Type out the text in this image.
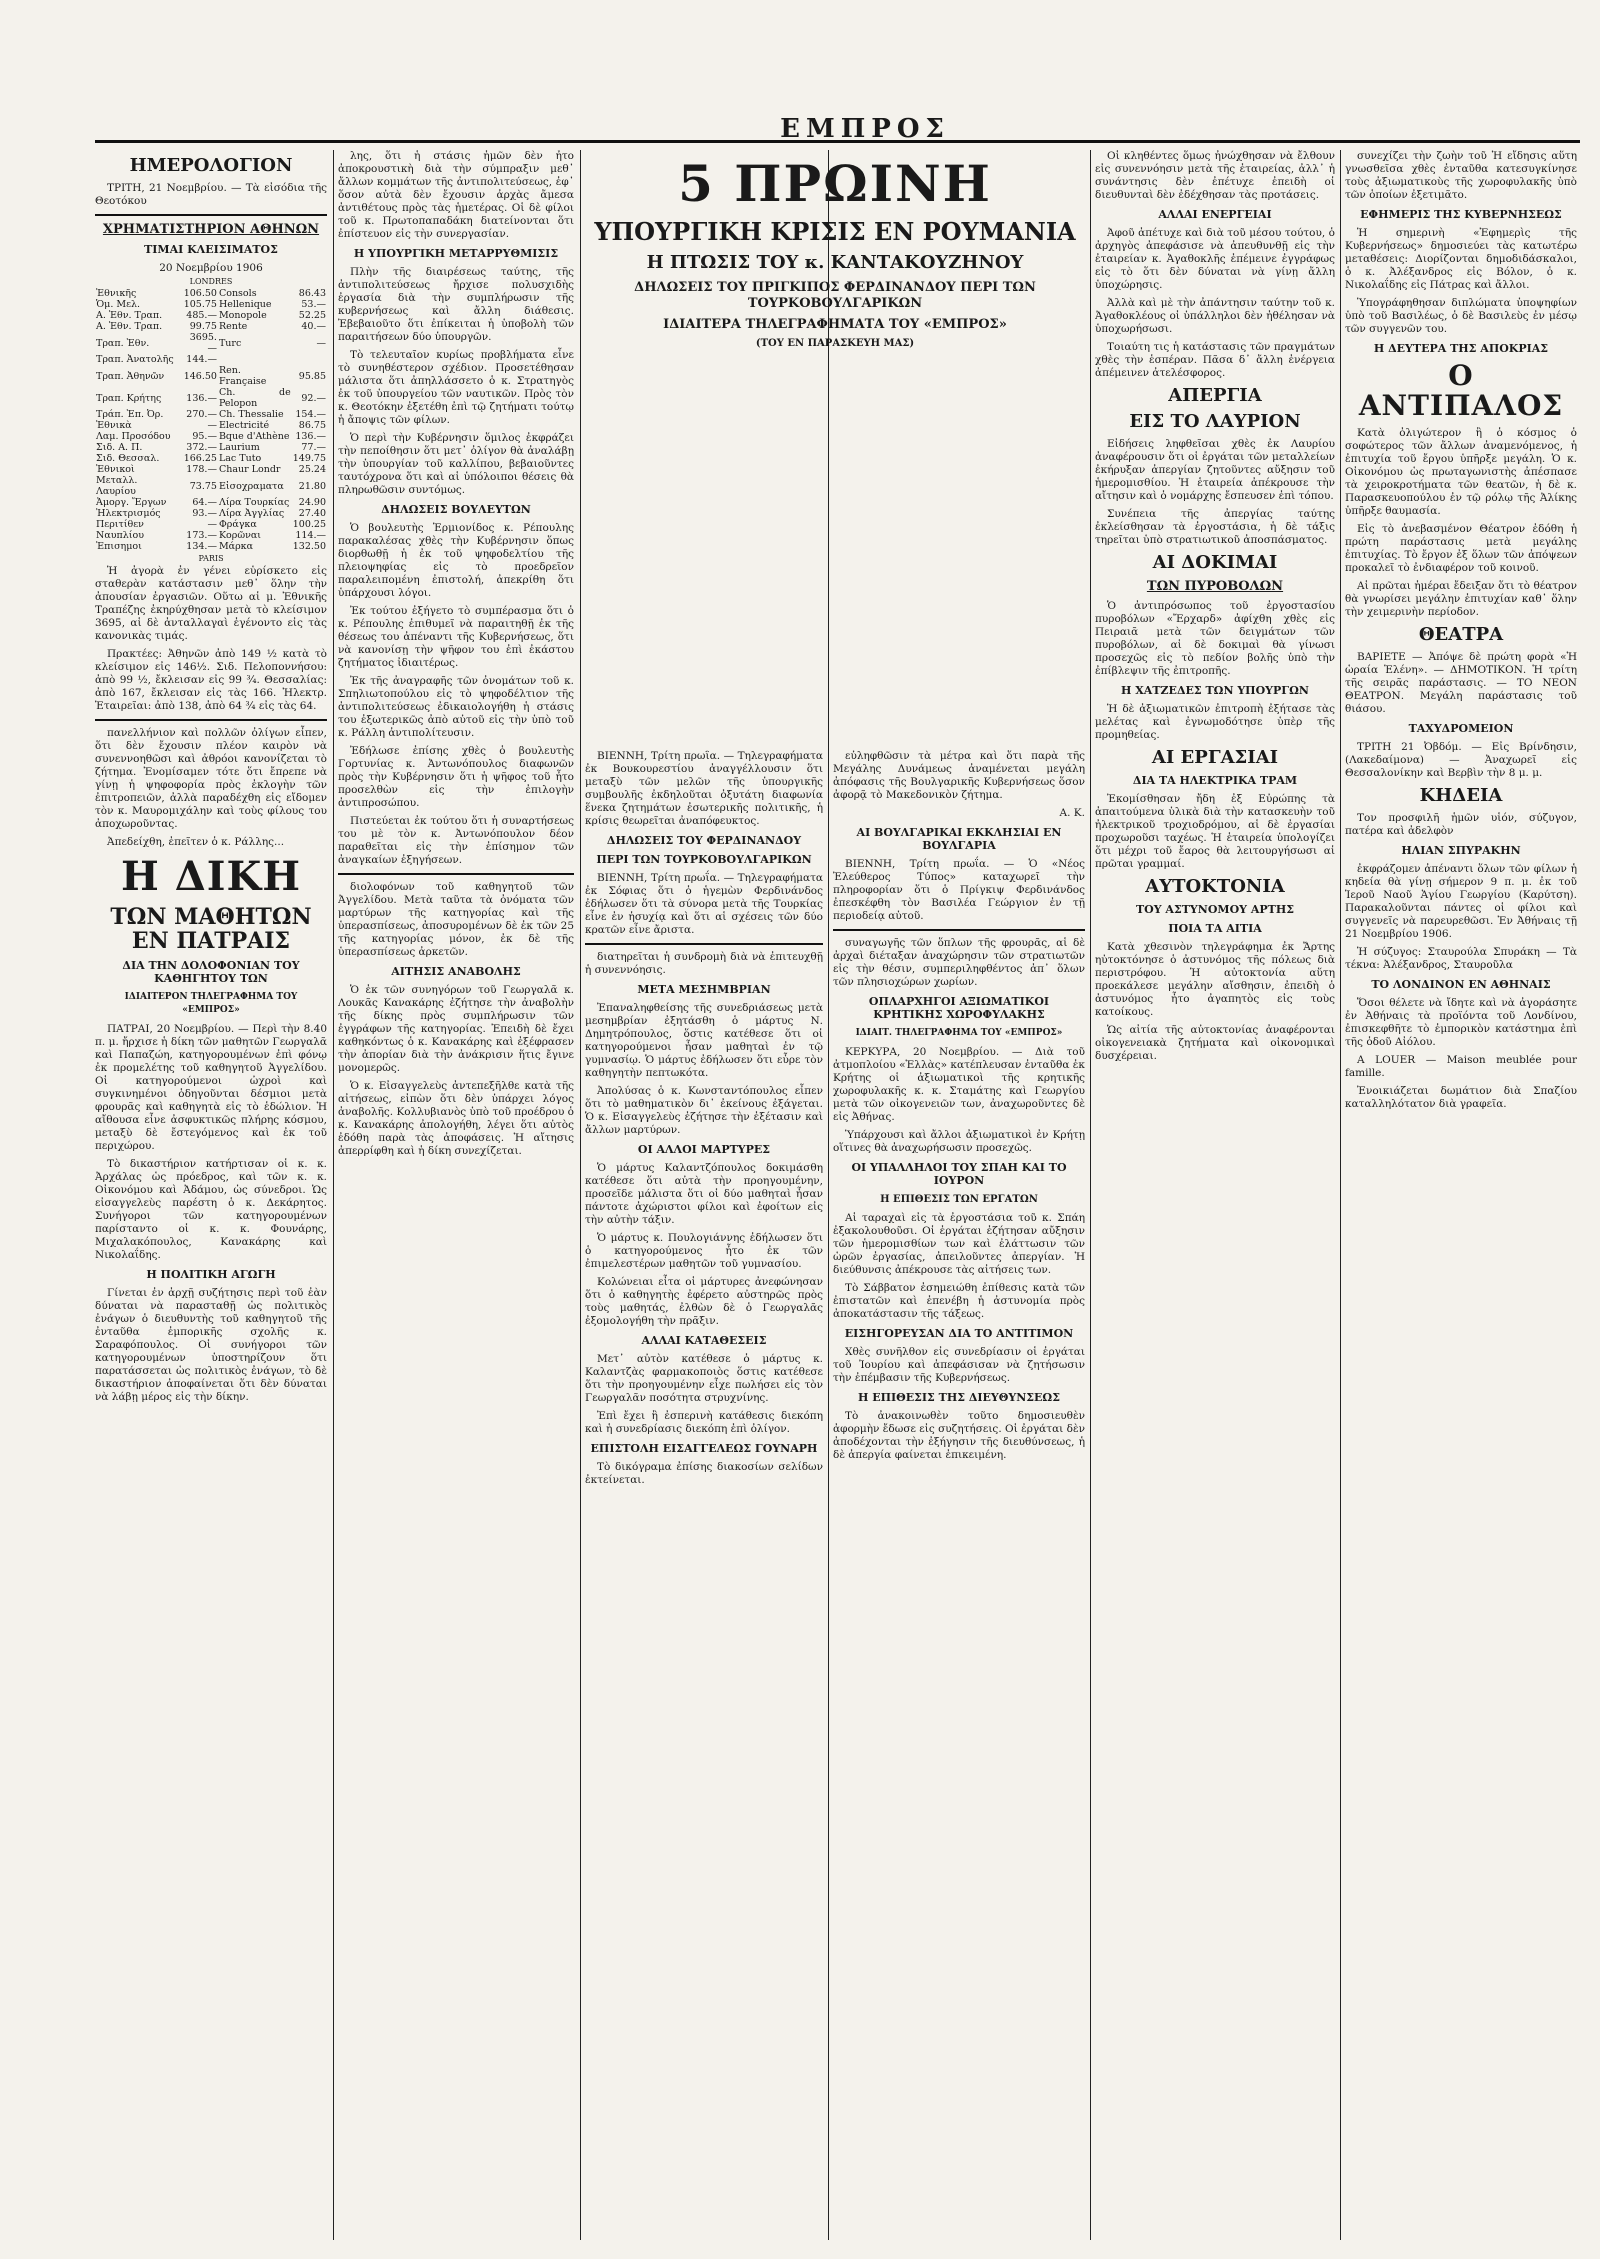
ΕΜΠΡΟΣ
ΗΜΕΡΟΛΟΓΙΟΝ

ΤΡΙΤΗ, 21 Νοεμβρίου. — Τὰ εἰσόδια τῆς Θεοτόκου

ΧΡΗΜΑΤΙΣΤΗΡΙΟΝ ΑΘΗΝΩΝ
ΤΙΜΑΙ ΚΛΕΙΣΙΜΑΤΟΣ
20 Νοεμβρίου 1906
LONDRES
Ἐθνικῆς	106.50	Consols	86.43
Ὁμ. Μελ.	105.75	Hellenique	53.—
Α. Ἐθν. Τραπ.	485.—	Monopole	52.25
Α. Ἐθν. Τραπ.	99.75	Rente	40.—
Τραπ. Ἐθν.	3695.—	Turc	—
Τραπ. Ἀνατολῆς	144.—		
Τραπ. Ἀθηνῶν	146.50	Ren. Française	95.85
Τραπ. Κρήτης	136.—	Ch. de Pelopon	92.—
Τράπ. Ἐπ. Ὀρ.	270.—	Ch. Thessalie	154.—
Ἐθνικὰ	—	Electricité	86.75
Λαμ. Προσόδου	95.—	Bque d'Athène	136.—
Σιδ. Α. Π.	372.—	Laurium	77.—
Σιδ. Θεσσαλ.	166.25	Lac Tuto	149.75
Ἐθνικοὶ	178.—	Chaur Londr	25.24
Μεταλλ. Λαυρίου	73.75	Εἰσοχραματα	21.80
Ἀμοργ. Ἔργων	64.—	Λίρα Τουρκίας	24.90
Ἠλεκτρισμός	93.—	Λίρα Ἀγγλίας	27.40
Περιτίθεν	—	Φράγκα	100.25
Ναυπλίου	173.—	Κορῶναι	114.—
Ἐπισημοι	134.—	Μάρκα	132.50
PARIS

Ἡ ἀγορὰ ἐν γένει εὑρίσκετο εἰς σταθερὰν κατάστασιν μεθ᾿ ὅλην τὴν ἀπουσίαν ἐργασιῶν. Οὕτω αἱ μ. Ἐθνικῆς Τραπέζης ἐκηρύχθησαν μετὰ τὸ κλείσιμον 3695, αἱ δὲ ἀνταλλαγαὶ ἐγένοντο εἰς τὰς κανονικὰς τιμάς.

Πρακτέες: Ἀθηνῶν ἀπὸ 149 ½ κατὰ τὸ κλείσιμον εἰς 146½. Σιδ. Πελοποννήσου: ἀπὸ 99 ½, ἔκλεισαν εἰς 99 ¾. Θεσσαλίας: ἀπὸ 167, ἔκλεισαν εἰς τὰς 166. Ἠλεκτρ. Ἑταιρεῖαι: ἀπὸ 138, ἀπὸ 64 ¾ εἰς τὰς 64.

πανελλήνιον καὶ πολλῶν ὀλίγων εἶπεν, ὅτι δὲν ἔχουσιν πλέον καιρὸν νὰ συνεννοηθῶσι καὶ ἀθρόοι κανονίζεται τὸ ζήτημα. Ἐνομίσαμεν τότε ὅτι ἔπρεπε νὰ γίνῃ ἡ ψηφοφορία πρὸς ἐκλογὴν τῶν ἐπιτροπειῶν, ἀλλὰ παραδέχθη εἰς εἴδομεν τὸν κ. Μαυρομιχάλην καὶ τοὺς φίλους του ἀποχωροῦντας.

Ἀπεδείχθη, ἐπεῖτεν ὁ κ. Ράλλης...

Η ΔΙΚΗ
ΤΩΝ ΜΑΘΗΤΩΝ ΕΝ ΠΑΤΡΑΙΣ
ΔΙΑ ΤΗΝ ΔΟΛΟΦΟΝΙΑΝ ΤΟΥ ΚΑΘΗΓΗΤΟΥ ΤΩΝ
ΙΔΙΑΙΤΕΡΟΝ ΤΗΛΕΓΡΑΦΗΜΑ ΤΟΥ «ΕΜΠΡΟΣ»

ΠΑΤΡΑΙ, 20 Νοεμβρίου. — Περὶ τὴν 8.40 π. μ. ἤρχισε ἡ δίκη τῶν μαθητῶν Γεωργαλᾶ καὶ Παπαζώη, κατηγορουμένων ἐπὶ φόνῳ ἐκ προμελέτης τοῦ καθηγητοῦ Ἀγγελίδου. Οἱ κατηγορούμενοι ὠχροὶ καὶ συγκινημένοι ὁδηγοῦνται δέσμιοι μετὰ φρουρᾶς καὶ καθηγητὰ εἰς τὸ ἑδώλιον. Ἡ αἴθουσα εἶνε ἀσφυκτικῶς πλήρης κόσμου, μεταξὺ δὲ ἔστεγόμενος καὶ ἐκ τοῦ περιχώρου.

Τὸ δικαστήριον κατήρτισαν οἱ κ. κ. Ἀρχάλας ὡς πρόεδρος, καὶ τῶν κ. κ. Οἰκονόμου καὶ Ἀδάμου, ὡς σύνεδροι. Ὡς εἰσαγγελεὺς παρέστη ὁ κ. Δεκάρητος. Συνήγοροι τῶν κατηγορουμένων παρίσταντο οἱ κ. κ. Φουνάρης, Μιχαλακόπουλος, Κανακάρης καὶ Νικολαΐδης.

Η ΠΟΛΙΤΙΚΗ ΑΓΩΓΗ

Γίνεται ἐν ἀρχῇ συζήτησις περὶ τοῦ ἐὰν δύναται νὰ παρασταθῇ ὡς πολιτικὸς ἐνάγων ὁ διευθυντὴς τοῦ καθηγητοῦ τῆς ἐνταῦθα ἐμπορικῆς σχολῆς κ. Σαραφόπουλος. Οἱ συνήγοροι τῶν κατηγορουμένων ὑποστηρίζουν ὅτι παρατάσσεται ὡς πολιτικὸς ἐνάγων, τὸ δὲ δικαστήριον ἀποφαίνεται ὅτι δὲν δύναται νὰ λάβῃ μέρος εἰς τὴν δίκην.

λης, ὅτι ἡ στάσις ἡμῶν δὲν ἦτο ἀποκρουστικὴ διὰ τὴν σύμπραξιν μεθ᾿ ἄλλων κομμάτων τῆς ἀντιπολιτεύσεως, ἐφ᾿ ὅσον αὐτὰ δὲν ἔχουσιν ἀρχὰς ἄμεσα ἀντιθέτους πρὸς τὰς ἡμετέρας. Οἱ δὲ φίλοι τοῦ κ. Πρωτοπαπαδάκη διατείνονται ὅτι ἐπίστευον εἰς τὴν συνεργασίαν.

Η ΥΠΟΥΡΓΙΚΗ ΜΕΤΑΡΡΥΘΜΙΣΙΣ

Πλὴν τῆς διαιρέσεως ταύτης, τῆς ἀντιπολιτεύσεως ἤρχισε πολυσχιδὴς ἐργασία διὰ τὴν συμπλήρωσιν τῆς κυβερνήσεως καὶ ἄλλη διάθεσις. Ἐβεβαιοῦτο ὅτι ἐπίκειται ἡ ὑποβολὴ τῶν παραιτήσεων δύο ὑπουργῶν.

Τὸ τελευταῖον κυρίως προβλήματα εἶνε τὸ συνηθέστερον σχέδιον. Προσετέθησαν μάλιστα ὅτι ἀπηλλάσσετο ὁ κ. Στρατηγὸς ἐκ τοῦ ὑπουργείου τῶν ναυτικῶν. Πρὸς τὸν κ. Θεοτόκην ἐξετέθη ἐπὶ τῷ ζητήματι τούτῳ ἡ ἄποψις τῶν φίλων.

Ὁ περὶ τὴν Κυβέρνησιν ὅμιλος ἐκφράζει τὴν πεποίθησιν ὅτι μετ᾿ ὀλίγον θὰ ἀναλάβῃ τὴν ὑπουργίαν τοῦ καλλίπου, βεβαιοῦντες ταυτόχρονα ὅτι καὶ αἱ ὑπόλοιποι θέσεις θὰ πληρωθῶσιν συντόμως.

ΔΗΛΩΣΕΙΣ ΒΟΥΛΕΥΤΩΝ

Ὁ βουλευτὴς Ἑρμιονίδος κ. Ρέπουλης παρακαλέσας χθὲς τὴν Κυβέρνησιν ὅπως διορθωθῇ ἡ ἐκ τοῦ ψηφοδελτίου τῆς πλειοψηφίας εἰς τὸ προεδρεῖον παραλειπομένη ἐπιστολή, ἀπεκρίθη ὅτι ὑπάρχουσι λόγοι.

Ἐκ τούτου ἐξήγετο τὸ συμπέρασμα ὅτι ὁ κ. Ρέπουλης ἐπιθυμεῖ νὰ παραιτηθῇ ἐκ τῆς θέσεως του ἀπέναντι τῆς Κυβερνήσεως, ὅτι νὰ κανονίσῃ τὴν ψῆφον του ἐπὶ ἐκάστου ζητήματος ἰδιαιτέρως.

Ἐκ τῆς ἀναγραφῆς τῶν ὀνομάτων τοῦ κ. Σπηλιωτοπούλου εἰς τὸ ψηφοδέλτιον τῆς ἀντιπολιτεύσεως ἐδικαιολογήθη ἡ στάσις του ἐξωτερικῶς ἀπὸ αὐτοῦ εἰς τὴν ὑπὸ τοῦ κ. Ράλλη ἀντιπολίτευσιν.

Ἐδήλωσε ἐπίσης χθὲς ὁ βουλευτὴς Γορτυνίας κ. Ἀντωνόπουλος διαφωνῶν πρὸς τὴν Κυβέρνησιν ὅτι ἡ ψῆφος τοῦ ἦτο προσελθὼν εἰς τὴν ἐπιλογὴν ἀντιπροσώπου.

Πιστεύεται ἐκ τούτου ὅτι ἡ συναρτήσεως του μὲ τὸν κ. Ἀντωνόπουλον δέον παραθεῖται εἰς τὴν ἐπίσημον τῶν ἀναγκαίων ἐξηγήσεων.

διολοφόνων τοῦ καθηγητοῦ τῶν Ἀγγελίδου. Μετὰ ταῦτα τὰ ὀνόματα τῶν μαρτύρων τῆς κατηγορίας καὶ τῆς ὑπερασπίσεως, ἀποσυρομένων δὲ ἐκ τῶν 25 τῆς κατηγορίας μόνον, ἐκ δὲ τῆς ὑπερασπίσεως ἀρκετῶν.

ΑΙΤΗΣΙΣ ΑΝΑΒΟΛΗΣ

Ὁ ἐκ τῶν συνηγόρων τοῦ Γεωργαλᾶ κ. Λουκᾶς Κανακάρης ἐζήτησε τὴν ἀναβολὴν τῆς δίκης πρὸς συμπλήρωσιν τῶν ἐγγράφων τῆς κατηγορίας. Ἐπειδὴ δὲ ἔχει καθηκόντως ὁ κ. Κανακάρης καὶ ἐξέφρασεν τὴν ἀπορίαν διὰ τὴν ἀνάκρισιν ἥτις ἔγινε μονομερῶς.

Ὁ κ. Εἰσαγγελεὺς ἀντεπεξῆλθε κατὰ τῆς αἰτήσεως, εἰπὼν ὅτι δὲν ὑπάρχει λόγος ἀναβολῆς. Κολλυβιανὸς ὑπὸ τοῦ προέδρου ὁ κ. Κανακάρης ἀπολογήθη, λέγει ὅτι αὐτὸς ἐδόθη παρὰ τὰς ἀποφάσεις. Ἡ αἴτησις ἀπερρίφθη καὶ ἡ δίκη συνεχίζεται.

5 ΠΡΩΙΝΗ
ΥΠΟΥΡΓΙΚΗ ΚΡΙΣΙΣ ΕΝ ΡΟΥΜΑΝΙΑ
Η ΠΤΩΣΙΣ ΤΟΥ κ. ΚΑΝΤΑΚΟΥΖΗΝΟΥ
ΔΗΛΩΣΕΙΣ ΤΟΥ ΠΡΙΓΚΙΠΟΣ ΦΕΡΔΙΝΑΝΔΟΥ ΠΕΡΙ ΤΩΝ ΤΟΥΡΚΟΒΟΥΛΓΑΡΙΚΩΝ
ΙΔΙΑΙΤΕΡΑ ΤΗΛΕΓΡΑΦΗΜΑΤΑ ΤΟΥ «ΕΜΠΡΟΣ»
(ΤΟΥ ΕΝ ΠΑΡΑΣΚΕΥΗ ΜΑΣ)

ΒΙΕΝΝΗ, Τρίτη πρωΐα. — Τηλεγραφήματα ἐκ Βουκουρεστίου ἀναγγέλλουσιν ὅτι μεταξὺ τῶν μελῶν τῆς ὑπουργικῆς συμβουλῆς ἐκδηλοῦται ὀξυτάτη διαφωνία ἕνεκα ζητημάτων ἐσωτερικῆς πολιτικῆς, ἡ κρίσις θεωρεῖται ἀναπόφευκτος.

ΔΗΛΩΣΕΙΣ ΤΟΥ ΦΕΡΔΙΝΑΝΔΟΥ
ΠΕΡΙ ΤΩΝ ΤΟΥΡΚΟΒΟΥΛΓΑΡΙΚΩΝ

ΒΙΕΝΝΗ, Τρίτη πρωΐα. — Τηλεγραφήματα ἐκ Σόφιας ὅτι ὁ ἡγεμὼν Φερδινάνδος ἐδήλωσεν ὅτι τὰ σύνορα μετὰ τῆς Τουρκίας εἶνε ἐν ἡσυχίᾳ καὶ ὅτι αἱ σχέσεις τῶν δύο κρατῶν εἶνε ἄριστα.

διατηρεῖται ἡ συνδρομὴ διὰ νὰ ἐπιτευχθῇ ἡ συνεννόησις.

ΜΕΤΑ ΜΕΣΗΜΒΡΙΑΝ

Ἐπαναληφθείσης τῆς συνεδριάσεως μετὰ μεσημβρίαν ἐξητάσθη ὁ μάρτυς Ν. Δημητρόπουλος, ὅστις κατέθεσε ὅτι οἱ κατηγορούμενοι ἦσαν μαθηταὶ ἐν τῷ γυμνασίῳ. Ὁ μάρτυς ἐδήλωσεν ὅτι εὗρε τὸν καθηγητὴν πεπτωκότα.

Ἀπολύσας ὁ κ. Κωνσταντόπουλος εἶπεν ὅτι τὸ μαθηματικὸν δι᾿ ἐκείνους ἐξάγεται. Ὁ κ. Εἰσαγγελεὺς ἐζήτησε τὴν ἐξέτασιν καὶ ἄλλων μαρτύρων.

ΟΙ ΑΛΛΟΙ ΜΑΡΤΥΡΕΣ

Ὁ μάρτυς Καλαντζόπουλος δοκιμάσθη κατέθεσε ὅτι αὐτὰ τὴν προηγουμένην, προσεῖδε μάλιστα ὅτι οἱ δύο μαθηταὶ ἦσαν πάντοτε ἀχώριστοι φίλοι καὶ ἐφοίτων εἰς τὴν αὐτὴν τάξιν.

Ὁ μάρτυς κ. Πουλογιάννης ἐδήλωσεν ὅτι ὁ κατηγορούμενος ἦτο ἐκ τῶν ἐπιμελεστέρων μαθητῶν τοῦ γυμνασίου.

Κολώνειαι εἶτα οἱ μάρτυρες ἀνεφώνησαν ὅτι ὁ καθηγητὴς ἐφέρετο αὐστηρῶς πρὸς τοὺς μαθητάς, ἐλθὼν δὲ ὁ Γεωργαλᾶς ἐξομολογήθη τὴν πρᾶξιν.

ΑΛΛΑΙ ΚΑΤΑΘΕΣΕΙΣ

Μετ᾿ αὐτὸν κατέθεσε ὁ μάρτυς κ. Καλαντζὰς φαρμακοποιὸς ὅστις κατέθεσε ὅτι τὴν προηγουμένην εἶχε πωλήσει εἰς τὸν Γεωργαλᾶν ποσότητα στρυχνίνης.

Ἐπὶ ἔχει ἢ ἐσπερινὴ κατάθεσις διεκόπη καὶ ἡ συνεδρίασις διεκόπη ἐπὶ ὀλίγον.

ΕΠΙΣΤΟΛΗ ΕΙΣΑΓΓΕΛΕΩΣ ΓΟΥΝΑΡΗ

Τὸ δικόγραμα ἐπίσης διακοσίων σελίδων ἐκτείνεται.

εὐληφθῶσιν τὰ μέτρα καὶ ὅτι παρὰ τῆς Μεγάλης Δυνάμεως ἀναμένεται μεγάλη ἀπόφασις τῆς Βουλγαρικῆς Κυβερνήσεως ὅσον ἀφορᾷ τὸ Μακεδονικὸν ζήτημα.

Α. Κ.
ΑΙ ΒΟΥΛΓΑΡΙΚΑΙ ΕΚΚΛΗΣΙΑΙ ΕΝ ΒΟΥΛΓΑΡΙΑ

ΒΙΕΝΝΗ, Τρίτη πρωΐα. — Ὁ «Νέος Ἐλεύθερος Τύπος» καταχωρεῖ τὴν πληροφορίαν ὅτι ὁ Πρίγκιψ Φερδινάνδος ἐπεσκέφθη τὸν Βασιλέα Γεώργιον ἐν τῇ περιοδείᾳ αὐτοῦ.

συναγωγῆς τῶν ὅπλων τῆς φρουρᾶς, αἱ δὲ ἀρχαὶ διέταξαν ἀναχώρησιν τῶν στρατιωτῶν εἰς τὴν θέσιν, συμπεριληφθέντος ἀπ᾿ ὅλων τῶν πλησιοχώρων χωρίων.

ΟΠΛΑΡΧΗΓΟΙ ΑΞΙΩΜΑΤΙΚΟΙ ΚΡΗΤΙΚΗΣ ΧΩΡΟΦΥΛΑΚΗΣ
ΙΔΙΑΙΤ. ΤΗΛΕΓΡΑΦΗΜΑ ΤΟΥ «ΕΜΠΡΟΣ»

ΚΕΡΚΥΡΑ, 20 Νοεμβρίου. — Διὰ τοῦ ἀτμοπλοίου «Ἑλλὰς» κατέπλευσαν ἐνταῦθα ἐκ Κρήτης οἱ ἀξιωματικοὶ τῆς κρητικῆς χωροφυλακῆς κ. κ. Σταμάτης καὶ Γεωργίου μετὰ τῶν οἰκογενειῶν των, ἀναχωροῦντες δὲ εἰς Ἀθήνας.

Ὑπάρχουσι καὶ ἄλλοι ἀξιωματικοὶ ἐν Κρήτῃ οἵτινες θὰ ἀναχωρήσωσιν προσεχῶς.

ΟΙ ΥΠΑΛΛΗΛΟΙ ΤΟΥ ΣΠΑΗ ΚΑΙ ΤΟ ΙΟΥΡΟΝ
Η ΕΠΙΘΕΣΙΣ ΤΩΝ ΕΡΓΑΤΩΝ

Αἱ ταραχαὶ εἰς τὰ ἐργοστάσια τοῦ κ. Σπάη ἐξακολουθοῦσι. Οἱ ἐργάται ἐζήτησαν αὔξησιν τῶν ἡμερομισθίων των καὶ ἐλάττωσιν τῶν ὡρῶν ἐργασίας, ἀπειλοῦντες ἀπεργίαν. Ἡ διεύθυνσις ἀπέκρουσε τὰς αἰτήσεις των.

Τὸ Σάββατον ἐσημειώθη ἐπίθεσις κατὰ τῶν ἐπιστατῶν καὶ ἐπενέβη ἡ ἀστυνομία πρὸς ἀποκατάστασιν τῆς τάξεως.

ΕΙΣΗΓΟΡΕΥΣΑΝ ΔΙΑ ΤΟ ΑΝΤΙΤΙΜΟΝ

Χθὲς συνῆλθον εἰς συνεδρίασιν οἱ ἐργάται τοῦ Ἰουρίου καὶ ἀπεφάσισαν νὰ ζητήσωσιν τὴν ἐπέμβασιν τῆς Κυβερνήσεως.

Η ΕΠΙΘΕΣΙΣ ΤΗΣ ΔΙΕΥΘΥΝΣΕΩΣ

Τὸ ἀνακοινωθὲν τοῦτο δημοσιευθὲν ἀφορμὴν ἔδωσε εἰς συζητήσεις. Οἱ ἐργάται δὲν ἀποδέχονται τὴν ἐξήγησιν τῆς διευθύνσεως, ἡ δὲ ἀπεργία φαίνεται ἐπικειμένη.

Οἱ κληθέντες ὅμως ἠνώχθησαν νὰ ἔλθουν εἰς συνεννόησιν μετὰ τῆς ἐταιρείας, ἀλλ᾿ ἡ συνάντησις δὲν ἐπέτυχε ἐπειδὴ οἱ διευθυνταὶ δὲν ἐδέχθησαν τὰς προτάσεις.

ΑΛΛΑΙ ΕΝΕΡΓΕΙΑΙ

Ἀφοῦ ἀπέτυχε καὶ διὰ τοῦ μέσου τούτου, ὁ ἀρχηγὸς ἀπεφάσισε νὰ ἀπευθυνθῇ εἰς τὴν ἐταιρείαν κ. Ἀγαθοκλῆς ἐπέμεινε ἐγγράφως εἰς τὸ ὅτι δὲν δύναται νὰ γίνῃ ἄλλη ὑποχώρησις.

Ἀλλὰ καὶ μὲ τὴν ἀπάντησιν ταύτην τοῦ κ. Ἀγαθοκλέους οἱ ὑπάλληλοι δὲν ἠθέλησαν νὰ ὑποχωρήσωσι.

Τοιαύτη τις ἡ κατάστασις τῶν πραγμάτων χθὲς τὴν ἑσπέραν. Πᾶσα δ᾿ ἄλλη ἐνέργεια ἀπέμεινεν ἀτελέσφορος.

ΑΠΕΡΓΙΑ
ΕΙΣ ΤΟ ΛΑΥΡΙΟΝ

Εἰδήσεις ληφθεῖσαι χθὲς ἐκ Λαυρίου ἀναφέρουσιν ὅτι οἱ ἐργάται τῶν μεταλλείων ἐκήρυξαν ἀπεργίαν ζητοῦντες αὔξησιν τοῦ ἡμερομισθίου. Ἡ ἑταιρεία ἀπέκρουσε τὴν αἴτησιν καὶ ὁ νομάρχης ἔσπευσεν ἐπὶ τόπου.

Συνέπεια τῆς ἀπεργίας ταύτης ἐκλείσθησαν τὰ ἐργοστάσια, ἡ δὲ τάξις τηρεῖται ὑπὸ στρατιωτικοῦ ἀποσπάσματος.

ΑΙ ΔΟΚΙΜΑΙ
ΤΩΝ ΠΥΡΟΒΟΛΩΝ

Ὁ ἀντιπρόσωπος τοῦ ἐργοστασίου πυροβόλων «Ἔρχαρδ» ἀφίχθη χθὲς εἰς Πειραιᾶ μετὰ τῶν δειγμάτων τῶν πυροβόλων, αἱ δὲ δοκιμαὶ θὰ γίνωσι προσεχῶς εἰς τὸ πεδίον βολῆς ὑπὸ τὴν ἐπίβλεψιν τῆς ἐπιτροπῆς.

Η ΧΑΤΖΕΔΕΣ ΤΩΝ ΥΠΟΥΡΓΩΝ

Ἡ δὲ ἀξιωματικῶν ἐπιτροπὴ ἐξήτασε τὰς μελέτας καὶ ἐγνωμοδότησε ὑπὲρ τῆς προμηθείας.

ΑΙ ΕΡΓΑΣΙΑΙ
ΔΙΑ ΤΑ ΗΛΕΚΤΡΙΚΑ ΤΡΑΜ

Ἐκομίσθησαν ἤδη ἐξ Εὐρώπης τὰ ἀπαιτούμενα ὑλικὰ διὰ τὴν κατασκευὴν τοῦ ἠλεκτρικοῦ τροχιοδρόμου, αἱ δὲ ἐργασίαι προχωροῦσι ταχέως. Ἡ ἑταιρεία ὑπολογίζει ὅτι μέχρι τοῦ ἔαρος θὰ λειτουργήσωσι αἱ πρῶται γραμμαί.

ΑΥΤΟΚΤΟΝΙΑ
ΤΟΥ ΑΣΤΥΝΟΜΟΥ ΑΡΤΗΣ
ΠΟΙΑ ΤΑ ΑΙΤΙΑ

Κατὰ χθεσινὸν τηλεγράφημα ἐκ Ἄρτης ηὐτοκτόνησε ὁ ἀστυνόμος τῆς πόλεως διὰ περιστρόφου. Ἡ αὐτοκτονία αὕτη προεκάλεσε μεγάλην αἴσθησιν, ἐπειδὴ ὁ ἀστυνόμος ἦτο ἀγαπητὸς εἰς τοὺς κατοίκους.

Ὡς αἰτία τῆς αὐτοκτονίας ἀναφέρονται οἰκογενειακὰ ζητήματα καὶ οἰκονομικαὶ δυσχέρειαι.

συνεχίζει τὴν ζωὴν τοῦ Ἡ εἴδησις αὕτη γνωσθεῖσα χθὲς ἐνταῦθα κατεσυγκίνησε τοὺς ἀξιωματικοὺς τῆς χωροφυλακῆς ὑπὸ τῶν ὁποίων ἐξετιμᾶτο.

ΕΦΗΜΕΡΙΣ ΤΗΣ ΚΥΒΕΡΝΗΣΕΩΣ

Ἡ σημερινὴ «Ἐφημερὶς τῆς Κυβερνήσεως» δημοσιεύει τὰς κατωτέρω μεταθέσεις: Διορίζονται δημοδιδάσκαλοι, ὁ κ. Ἀλέξανδρος εἰς Βόλον, ὁ κ. Νικολαΐδης εἰς Πάτρας καὶ ἄλλοι.

Ὑπογράφηθησαν διπλώματα ὑποψηφίων ὑπὸ τοῦ Βασιλέως, ὁ δὲ Βασιλεὺς ἐν μέσῳ τῶν συγγενῶν του.

Η ΔΕΥΤΕΡΑ ΤΗΣ ΑΠΟΚΡΙΑΣ
Ο ΑΝΤΙΠΑΛΟΣ

Κατὰ ὀλιγώτερον ἢ ὁ κόσμος ὁ σοφώτερος τῶν ἄλλων ἀναμενόμενος, ἡ ἐπιτυχία τοῦ ἔργου ὑπῆρξε μεγάλη. Ὁ κ. Οἰκονόμου ὡς πρωταγωνιστὴς ἀπέσπασε τὰ χειροκροτήματα τῶν θεατῶν, ἡ δὲ κ. Παρασκευοπούλου ἐν τῷ ρόλῳ τῆς Ἀλίκης ὑπῆρξε θαυμασία.

Εἰς τὸ ἀνεβασμένον Θέατρον ἐδόθη ἡ πρώτη παράστασις μετὰ μεγάλης ἐπιτυχίας. Τὸ ἔργον ἐξ ὅλων τῶν ἀπόψεων προκαλεῖ τὸ ἐνδιαφέρον τοῦ κοινοῦ.

Αἱ πρῶται ἡμέραι ἔδειξαν ὅτι τὸ θέατρον θὰ γνωρίσει μεγάλην ἐπιτυχίαν καθ᾿ ὅλην τὴν χειμερινὴν περίοδον.

ΘΕΑΤΡΑ

ΒΑΡΙΕΤΕ — Ἀπόψε δὲ πρώτη φορὰ «Ἡ ὡραία Ἑλένη». — ΔΗΜΟΤΙΚΟΝ. Ἡ τρίτη τῆς σειρᾶς παράστασις. — ΤΟ ΝΕΟΝ ΘΕΑΤΡΟΝ. Μεγάλη παράστασις τοῦ θιάσου.

ΤΑΧΥΔΡΟΜΕΙΟΝ

ΤΡΙΤΗ 21 Ὀβδόμ. — Εἰς Βρίνδησιν, (Λακεδαίμονα) — Ἀναχωρεῖ εἰς Θεσσαλονίκην καὶ Βερβὶν τὴν 8 μ. μ.

ΚΗΔΕΙΑ

Τον προσφιλῆ ἡμῶν υἱόν, σύζυγον, πατέρα καὶ ἀδελφὸν

ΗΛΙΑΝ ΣΠΥΡΑΚΗΝ

ἐκφράζομεν ἀπέναντι ὅλων τῶν φίλων ἡ κηδεία θὰ γίνῃ σήμερον 9 π. μ. ἐκ τοῦ Ἱεροῦ Ναοῦ Ἁγίου Γεωργίου (Καρύτση). Παρακαλοῦνται πάντες οἱ φίλοι καὶ συγγενεῖς νὰ παρευρεθῶσι. Ἐν Ἀθήναις τῇ 21 Νοεμβρίου 1906.

Ἡ σύζυγος: Σταυρούλα Σπυράκη — Τὰ τέκνα: Ἀλέξανδρος, Σταυροῦλα

ΤΟ ΛΟΝΔΙΝΟΝ ΕΝ ΑΘΗΝΑΙΣ

Ὅσοι θέλετε νὰ ἴδητε καὶ νὰ ἀγοράσητε ἐν Ἀθήναις τὰ προϊόντα τοῦ Λονδίνου, ἐπισκεφθῆτε τὸ ἐμπορικὸν κατάστημα ἐπὶ τῆς ὁδοῦ Αἰόλου.

A LOUER — Maison meublée pour famille.

Ἐνοικιάζεται δωμάτιον διὰ Σπαζίου καταλληλότατον διὰ γραφεῖα.
